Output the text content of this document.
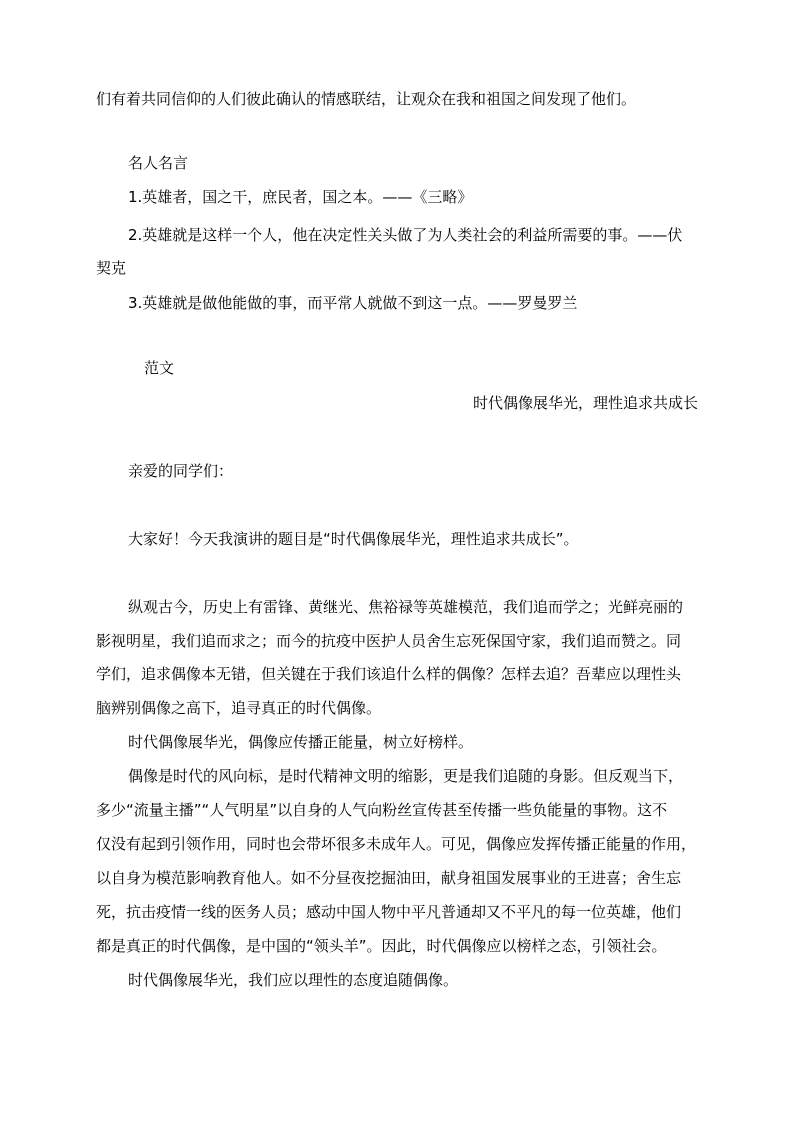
们有着共同信仰的人们彼此确认的情感联结，让观众在我和祖国之间发现了他们。
名人名言
1.英雄者，国之干，庶民者，国之本。——《三略》
2.英雄就是这样一个人，他在决定性关头做了为人类社会的利益所需要的事。——伏
契克
3.英雄就是做他能做的事，而平常人就做不到这一点。——罗曼罗兰
范文
时代偶像展华光，理性追求共成长
亲爱的同学们：
大家好！今天我演讲的题目是“时代偶像展华光，理性追求共成长”。
纵观古今，历史上有雷锋、黄继光、焦裕禄等英雄模范，我们追而学之；光鲜亮丽的
影视明星，我们追而求之；而今的抗疫中医护人员舍生忘死保国守家，我们追而赞之。同
学们，追求偶像本无错，但关键在于我们该追什么样的偶像？怎样去追？吾辈应以理性头
脑辨别偶像之高下，追寻真正的时代偶像。
时代偶像展华光，偶像应传播正能量，树立好榜样。
偶像是时代的风向标，是时代精神文明的缩影，更是我们追随的身影。但反观当下，
多少“流量主播”“人气明星”以自身的人气向粉丝宣传甚至传播一些负能量的事物。这不
仅没有起到引领作用，同时也会带坏很多未成年人。可见，偶像应发挥传播正能量的作用，
以自身为模范影响教育他人。如不分昼夜挖掘油田，献身祖国发展事业的王进喜；舍生忘
死，抗击疫情一线的医务人员；感动中国人物中平凡普通却又不平凡的每一位英雄，他们
都是真正的时代偶像，是中国的“领头羊”。因此，时代偶像应以榜样之态，引领社会。
时代偶像展华光，我们应以理性的态度追随偶像。
